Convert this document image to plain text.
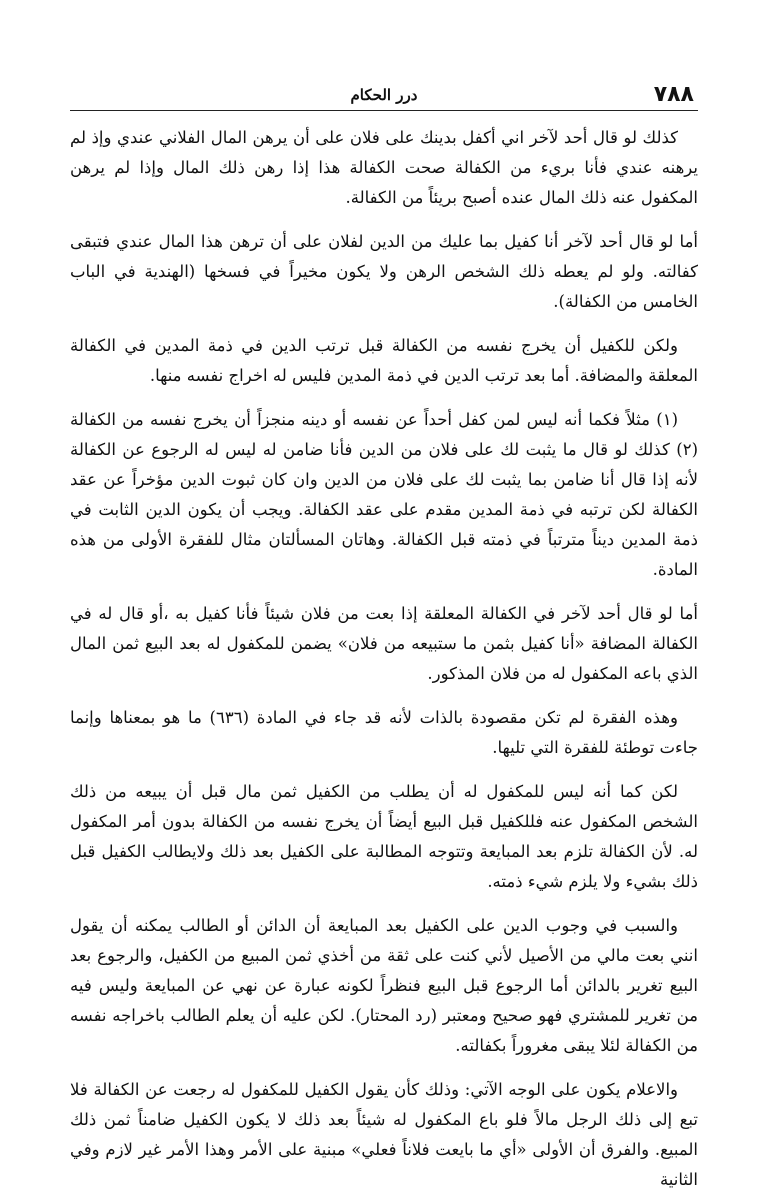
٧٨٨
درر الحكام

كذلك لو قال أحد لآخر اني أكفل بدينك على فلان على أن يرهن المال الفلاني عندي وإذ لم يرهنه عندي فأنا بريء من الكفالة صحت الكفالة هذا إذا رهن ذلك المال وإذا لم يرهن المكفول عنه ذلك المال عنده أصبح بريئاً من الكفالة.

أما لو قال أحد لآخر أنا كفيل بما عليك من الدين لفلان على أن ترهن هذا المال عندي فتبقى كفالته. ولو لم يعطه ذلك الشخص الرهن ولا يكون مخيراً في فسخها (الهندية في الباب الخامس من الكفالة).

ولكن للكفيل أن يخرج نفسه من الكفالة قبل ترتب الدين في ذمة المدين في الكفالة المعلقة والمضافة. أما بعد ترتب الدين في ذمة المدين فليس له اخراج نفسه منها.

(١) مثلاً فكما أنه ليس لمن كفل أحداً عن نفسه أو دينه منجزاً أن يخرج نفسه من الكفالة (٢) كذلك لو قال ما يثبت لك على فلان من الدين فأنا ضامن له ليس له الرجوع عن الكفالة لأنه إذا قال أنا ضامن بما يثبت لك على فلان من الدين وان كان ثبوت الدين مؤخراً عن عقد الكفالة لكن ترتبه في ذمة المدين مقدم على عقد الكفالة. ويجب أن يكون الدين الثابت في ذمة المدين ديناً مترتباً في ذمته قبل الكفالة. وهاتان المسألتان مثال للفقرة الأولى من هذه المادة.

أما لو قال أحد لآخر في الكفالة المعلقة إذا بعت من فلان شيئاً فأنا كفيل به ،أو قال له في الكفالة المضافة «أنا كفيل بثمن ما ستبيعه من فلان» يضمن للمكفول له بعد البيع ثمن المال الذي باعه المكفول له من فلان المذكور.

وهذه الفقرة لم تكن مقصودة بالذات لأنه قد جاء في المادة (٦٣٦) ما هو بمعناها وإنما جاءت توطئة للفقرة التي تليها.

لكن كما أنه ليس للمكفول له أن يطلب من الكفيل ثمن مال قبل أن يبيعه من ذلك الشخص المكفول عنه فللكفيل قبل البيع أيضاً أن يخرج نفسه من الكفالة بدون أمر المكفول له. لأن الكفالة تلزم بعد المبايعة وتتوجه المطالبة على الكفيل بعد ذلك ولايطالب الكفيل قبل ذلك بشيء ولا يلزم شيء ذمته.

والسبب في وجوب الدين على الكفيل بعد المبايعة أن الدائن أو الطالب يمكنه أن يقول انني بعت مالي من الأصيل لأني كنت على ثقة من أخذي ثمن المبيع من الكفيل، والرجوع بعد البيع تغرير بالدائن أما الرجوع قبل البيع فنظراً لكونه عبارة عن نهي عن المبايعة وليس فيه من تغرير للمشتري فهو صحيح ومعتبر (رد المحتار). لكن عليه أن يعلم الطالب باخراجه نفسه من الكفالة لئلا يبقى مغروراً بكفالته.

والاعلام يكون على الوجه الآتي: وذلك كأن يقول الكفيل للمكفول له رجعت عن الكفالة فلا تبع إلى ذلك الرجل مالاً فلو باع المكفول له شيئاً بعد ذلك لا يكون الكفيل ضامناً ثمن ذلك المبيع. والفرق أن الأولى «أي ما بايعت فلاناً فعلي» مبنية على الأمر وهذا الأمر غير لازم وفي الثانية
